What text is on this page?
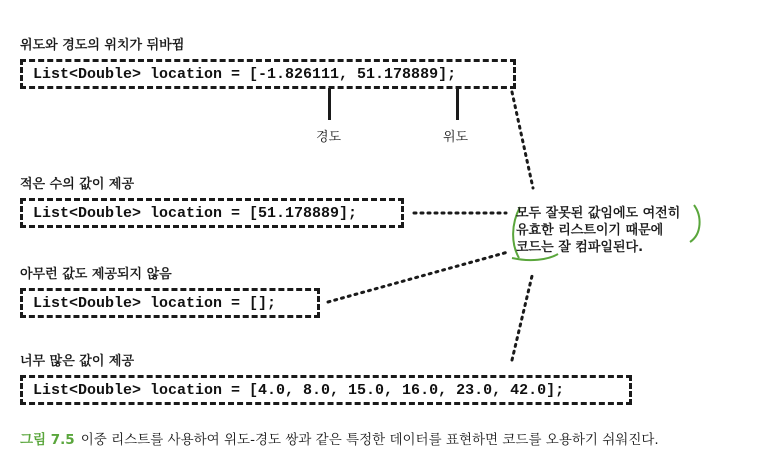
위도와 경도의 위치가 뒤바뀜
List<Double> location = [-1.826111, 51.178889];
경도	위도
적은 수의 값이 제공
List<Double> location = [51.178889];
아무런 값도 제공되지 않음
List<Double> location = [];
너무 많은 값이 제공
List<Double> location = [4.0, 8.0, 15.0, 16.0, 23.0, 42.0];
모두 잘못된 값임에도 여전히
유효한 리스트이기 때문에
코드는 잘 컴파일된다.
그림 7.5 이중 리스트를 사용하여 위도-경도 쌍과 같은 특정한 데이터를 표현하면 코드를 오용하기 쉬워진다.
